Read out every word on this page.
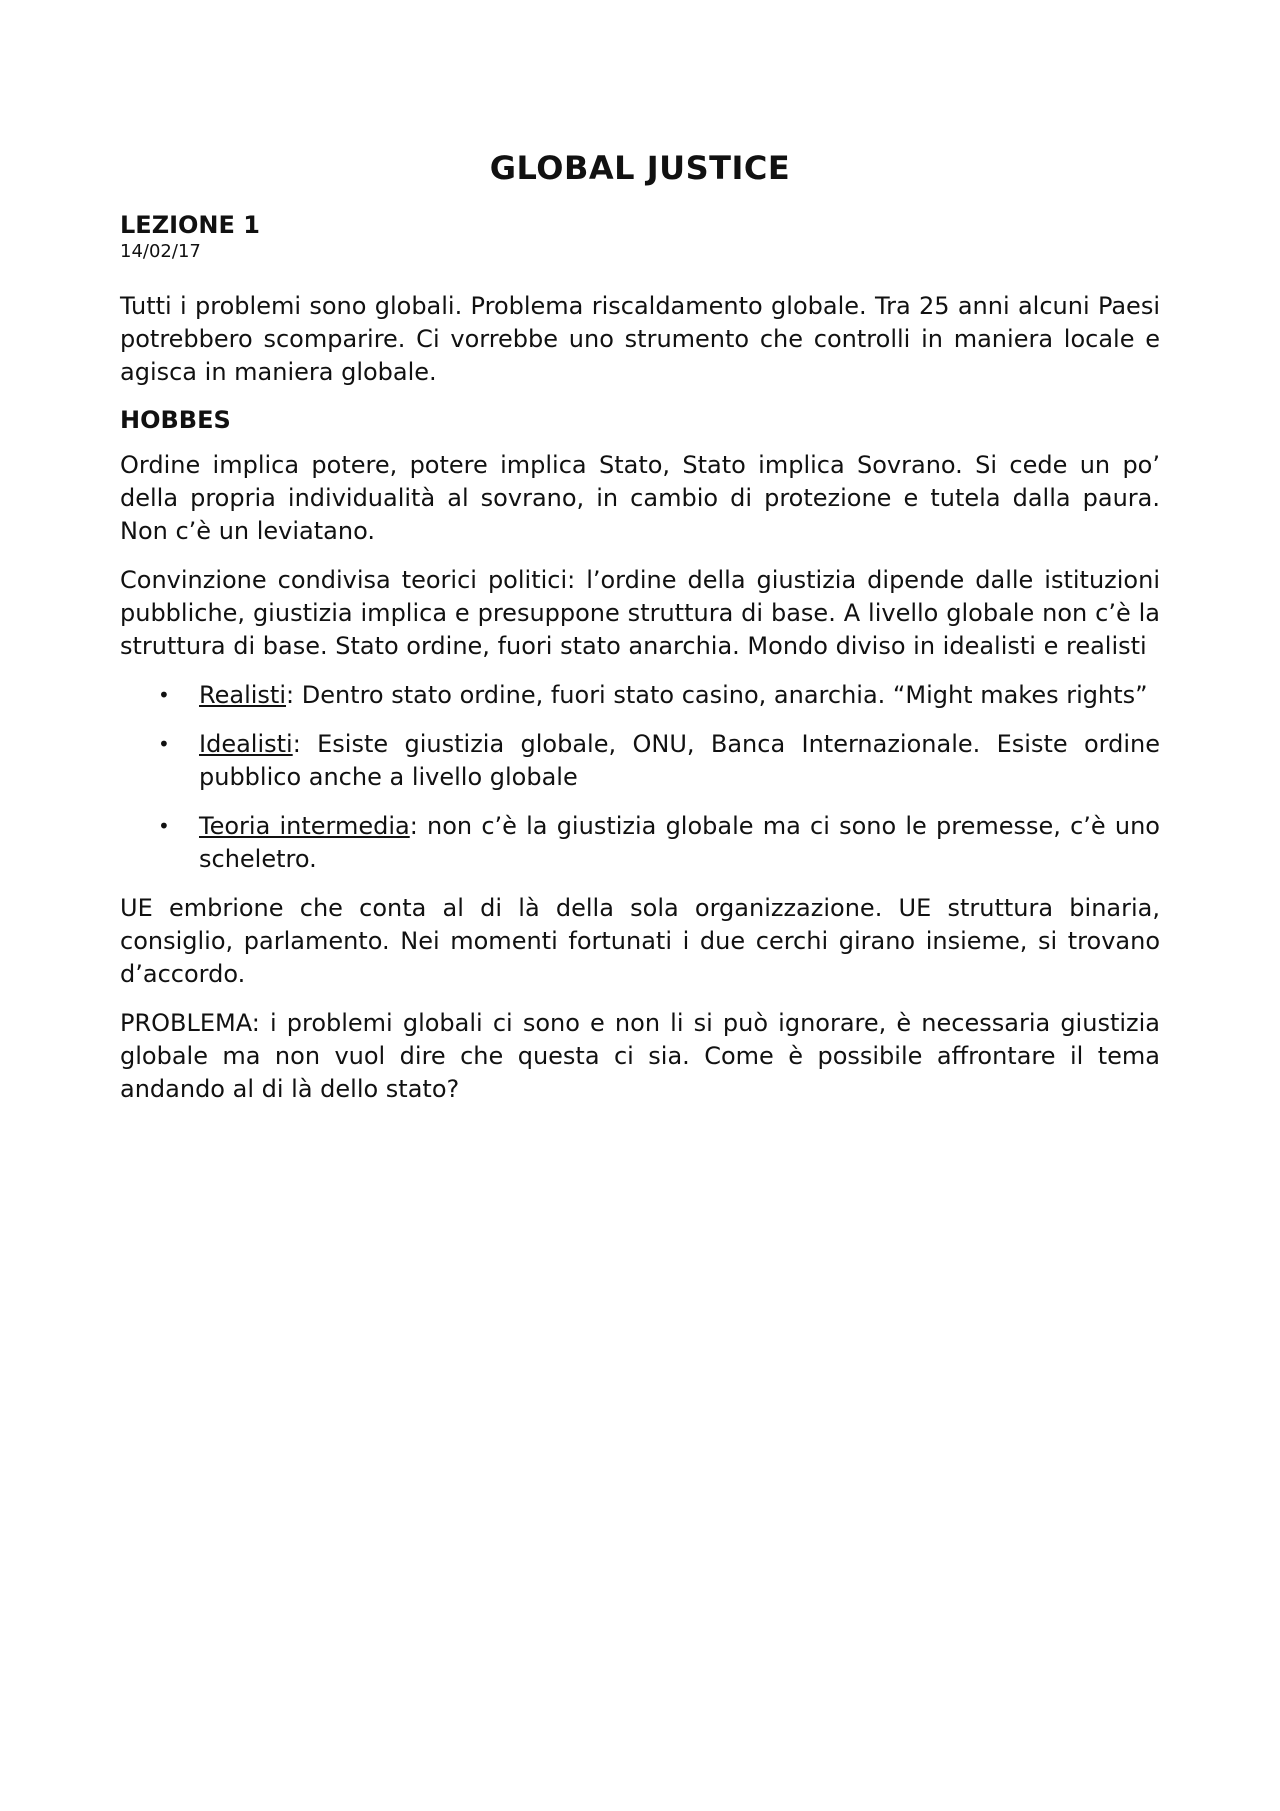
GLOBAL JUSTICE
LEZIONE 1
14/02/17

Tutti i problemi sono globali. Problema riscaldamento globale. Tra 25 anni alcuni Paesi potrebbero scomparire. Ci vorrebbe uno strumento che controlli in maniera locale e agisca in maniera globale.

HOBBES

Ordine implica potere, potere implica Stato, Stato implica Sovrano. Si cede un po’ della propria individualità al sovrano, in cambio di protezione e tutela dalla paura. Non c’è un leviatano.

Convinzione condivisa teorici politici: l’ordine della giustizia dipende dalle istituzioni pubbliche, giustizia implica e presuppone struttura di base. A livello globale non c’è la struttura di base. Stato ordine, fuori stato anarchia. Mondo diviso in idealisti e realisti

• Realisti: Dentro stato ordine, fuori stato casino, anarchia. “Might makes rights”
• Idealisti: Esiste giustizia globale, ONU, Banca Internazionale. Esiste ordine pubblico anche a livello globale
• Teoria intermedia: non c’è la giustizia globale ma ci sono le premesse, c’è uno scheletro.

UE embrione che conta al di là della sola organizzazione. UE struttura binaria, consiglio, parlamento. Nei momenti fortunati i due cerchi girano insieme, si trovano d’accordo.

PROBLEMA: i problemi globali ci sono e non li si può ignorare, è necessaria giustizia globale ma non vuol dire che questa ci sia. Come è possibile affrontare il tema andando al di là dello stato?
